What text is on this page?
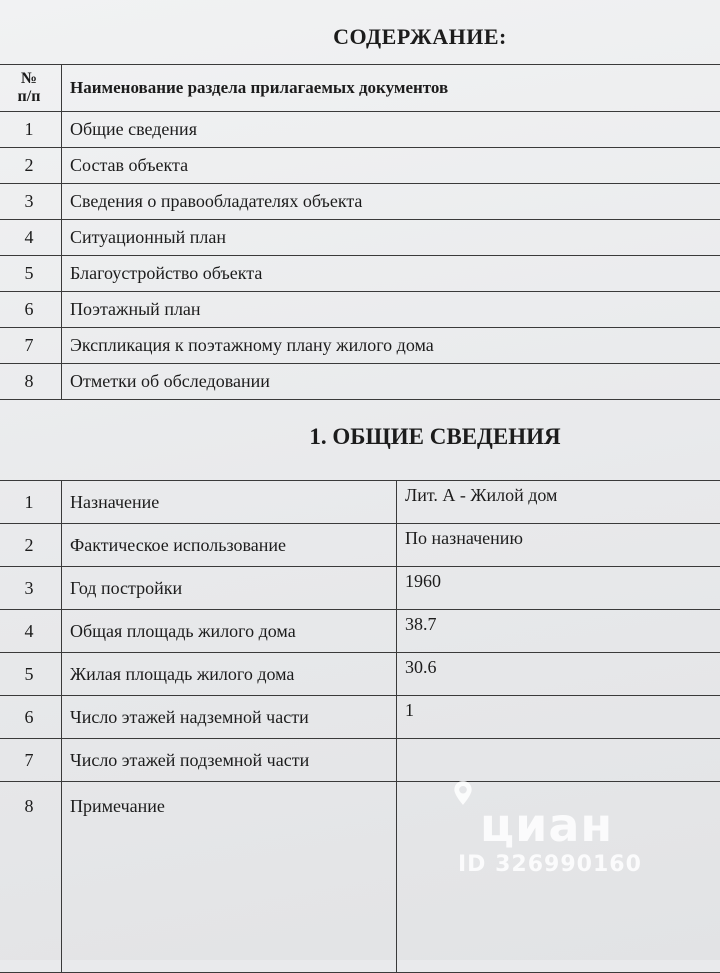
СОДЕРЖАНИЕ:
№
п/п	Наименование раздела прилагаемых документов
1	Общие сведения
2	Состав объекта
3	Сведения о правообладателях объекта
4	Ситуационный план
5	Благоустройство объекта
6	Поэтажный план
7	Экспликация к поэтажному плану жилого дома
8	Отметки об обследовании
1. ОБЩИЕ СВЕДЕНИЯ
1	Назначение	Лит. А - Жилой дом
2	Фактическое использование	По назначению
3	Год постройки	1960
4	Общая площадь жилого дома	38.7
5	Жилая площадь жилого дома	30.6
6	Число этажей надземной части	1
7	Число этажей подземной части	
8	Примечание		циан
ID 326990160
